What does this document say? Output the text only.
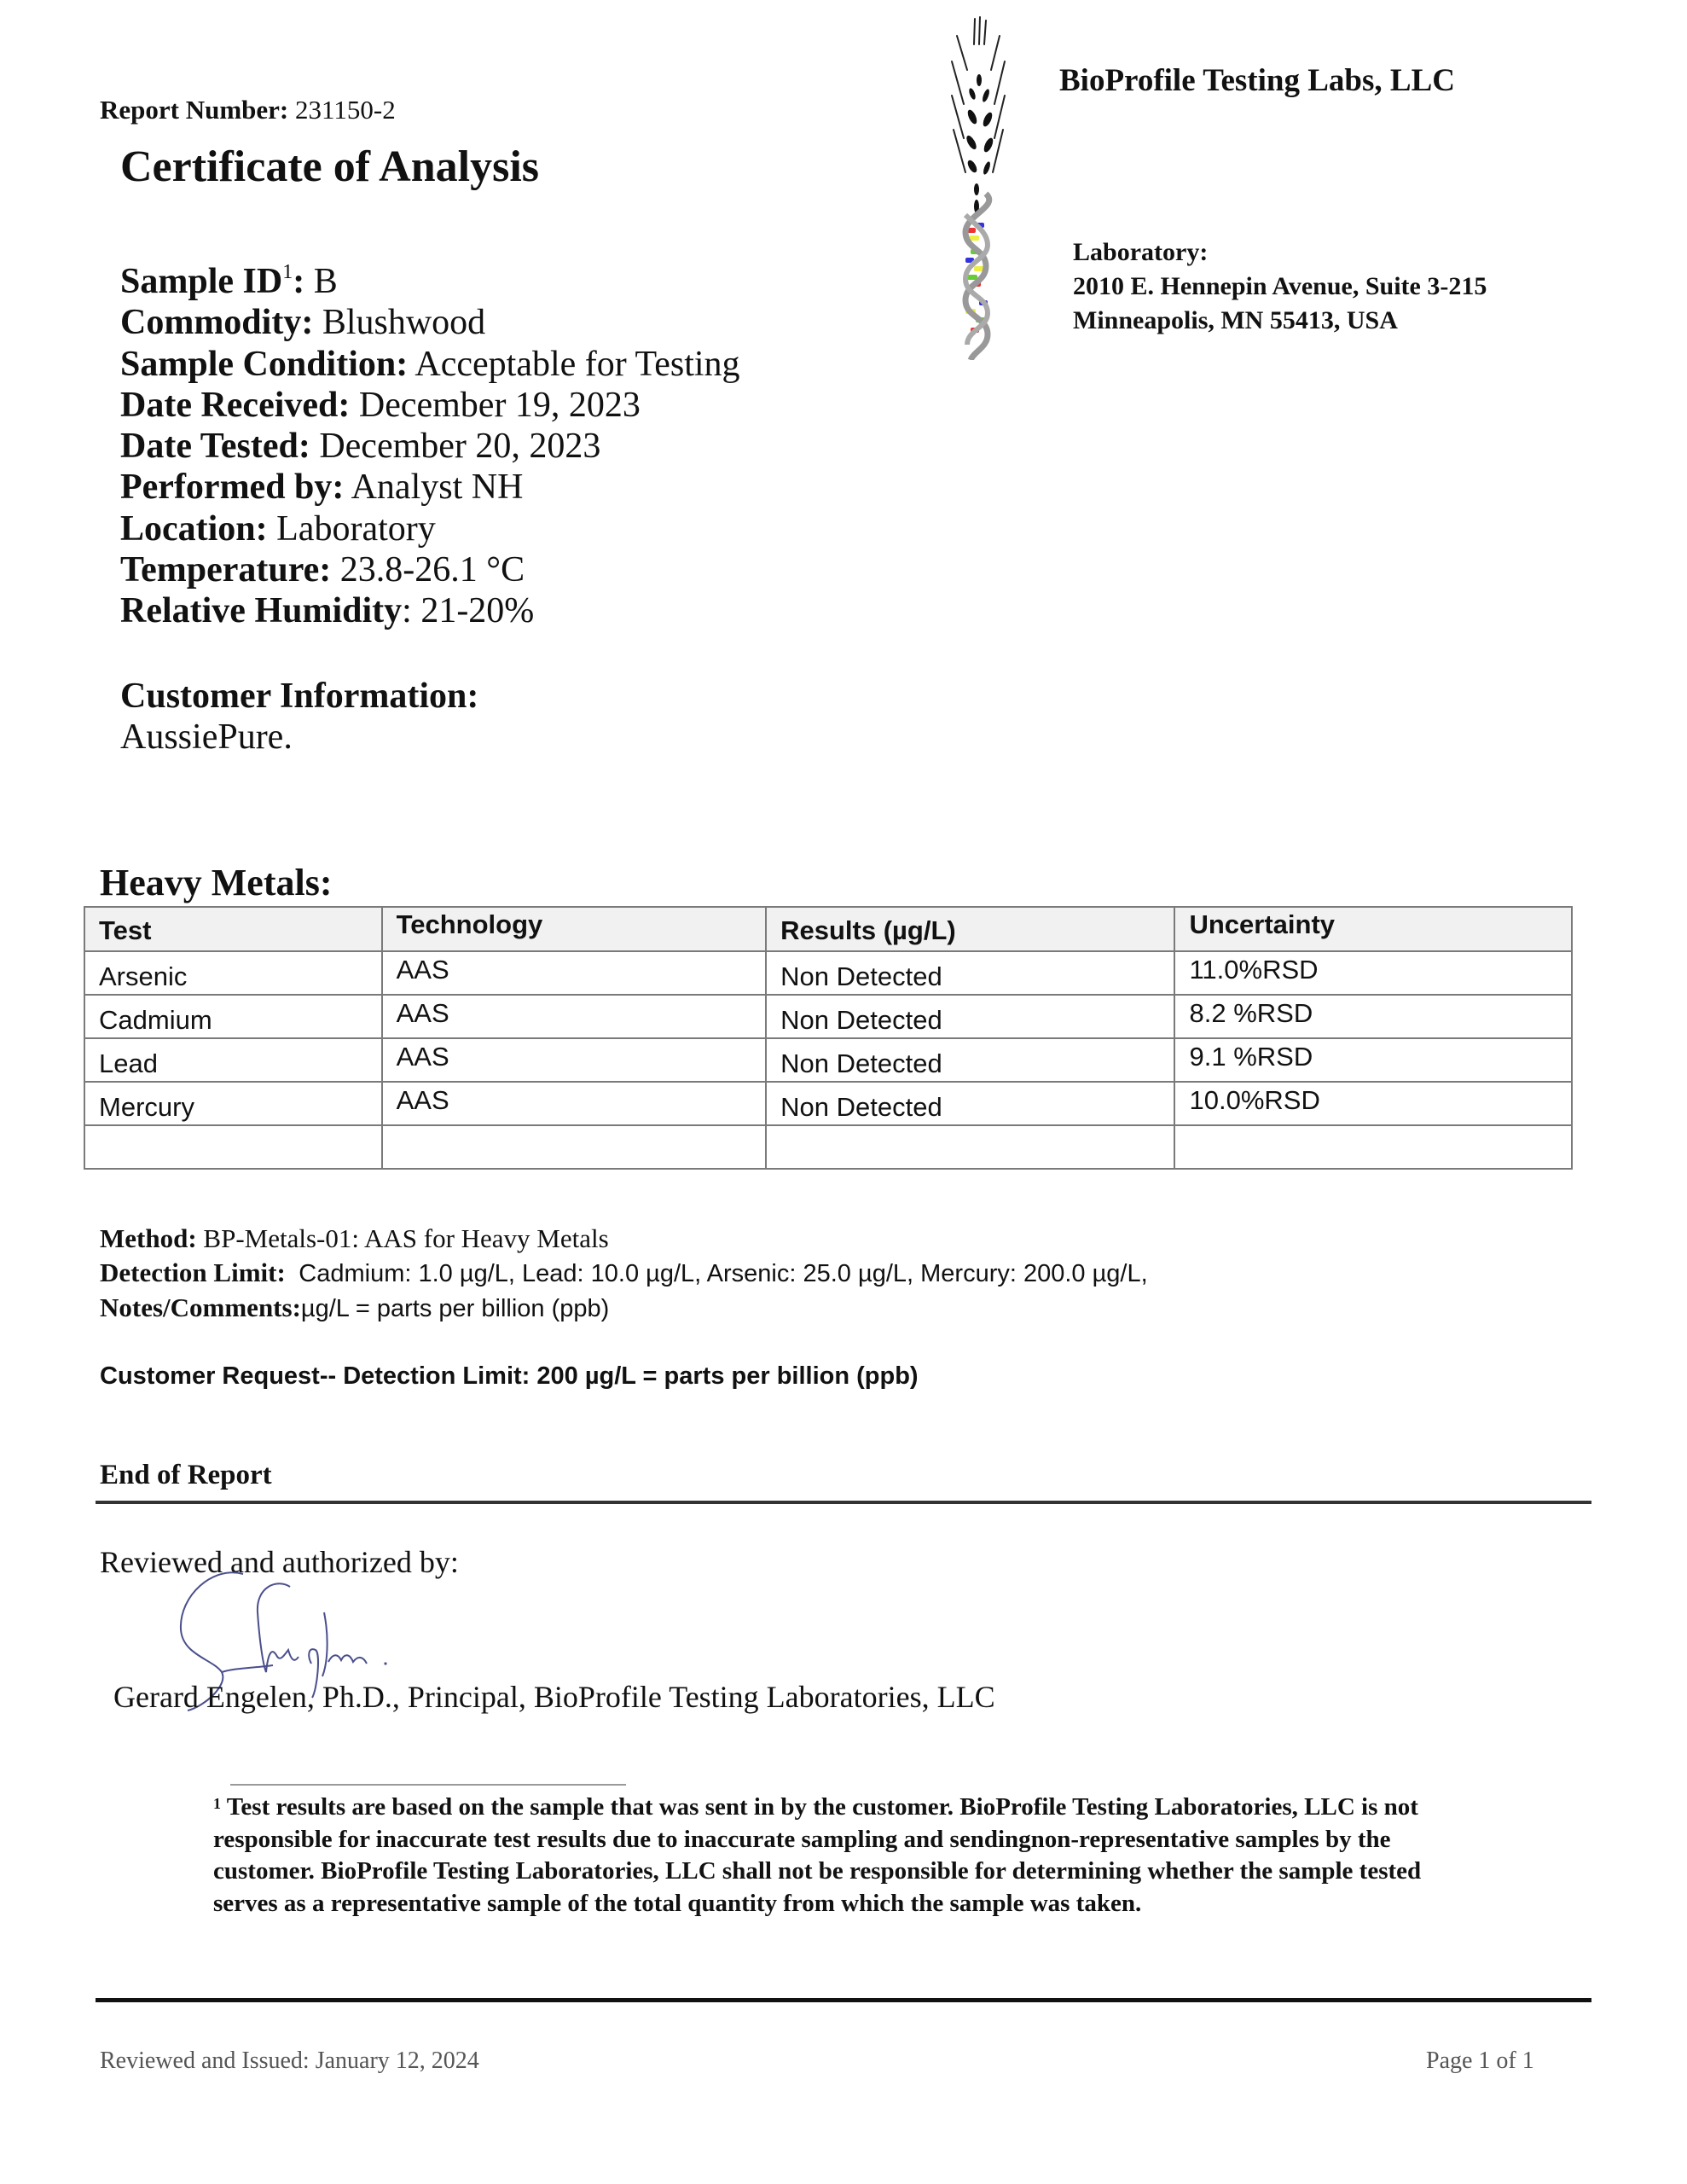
Report Number: 231150-2
Certificate of Analysis
BioProfile Testing Labs, LLC
Laboratory:
2010 E. Hennepin Avenue, Suite 3-215
Minneapolis, MN 55413, USA
Sample $ID^1$: B
Commodity: Blushwood
Sample Condition: Acceptable for Testing
Date Received: December 19, 2023
Date Tested: December 20, 2023
Performed by: Analyst NH
Location: Laboratory
Temperature: 23.8-26.1 °C
Relative Humidity: 21-20%
Customer Information:
AussiePure.
Heavy Metals:
Test	Technology	Results (µg/L)	Uncertainty

Arsenic	AAS	Non Detected	11.0%RSD

Cadmium	AAS	Non Detected	8.2 %RSD

Lead	AAS	Non Detected	9.1 %RSD

Mercury	AAS	Non Detected	10.0%RSD

Method: BP-Metals-01: AAS for Heavy Metals
Detection Limit: Cadmium: 1.0 µg/L, Lead: 10.0 µg/L, Arsenic: 25.0 µg/L, Mercury: 200.0 µg/L,
Notes/Comments:µg/L = parts per billion (ppb)
Customer Request-- Detection Limit: 200 µg/L = parts per billion (ppb)
End of Report
Reviewed and authorized by:
Gerard Engelen, Ph.D., Principal, BioProfile Testing Laboratories, LLC
$^1$ Test results are based on the sample that was sent in by the customer. BioProfile Testing Laboratories, LLC is not responsible for inaccurate test results due to inaccurate sampling and sendingnon-representative samples by the customer. BioProfile Testing Laboratories, LLC shall not be responsible for determining whether the sample tested serves as a representative sample of the total quantity from which the sample was taken.
Reviewed and Issued: January 12, 2024	Page 1 of 1
